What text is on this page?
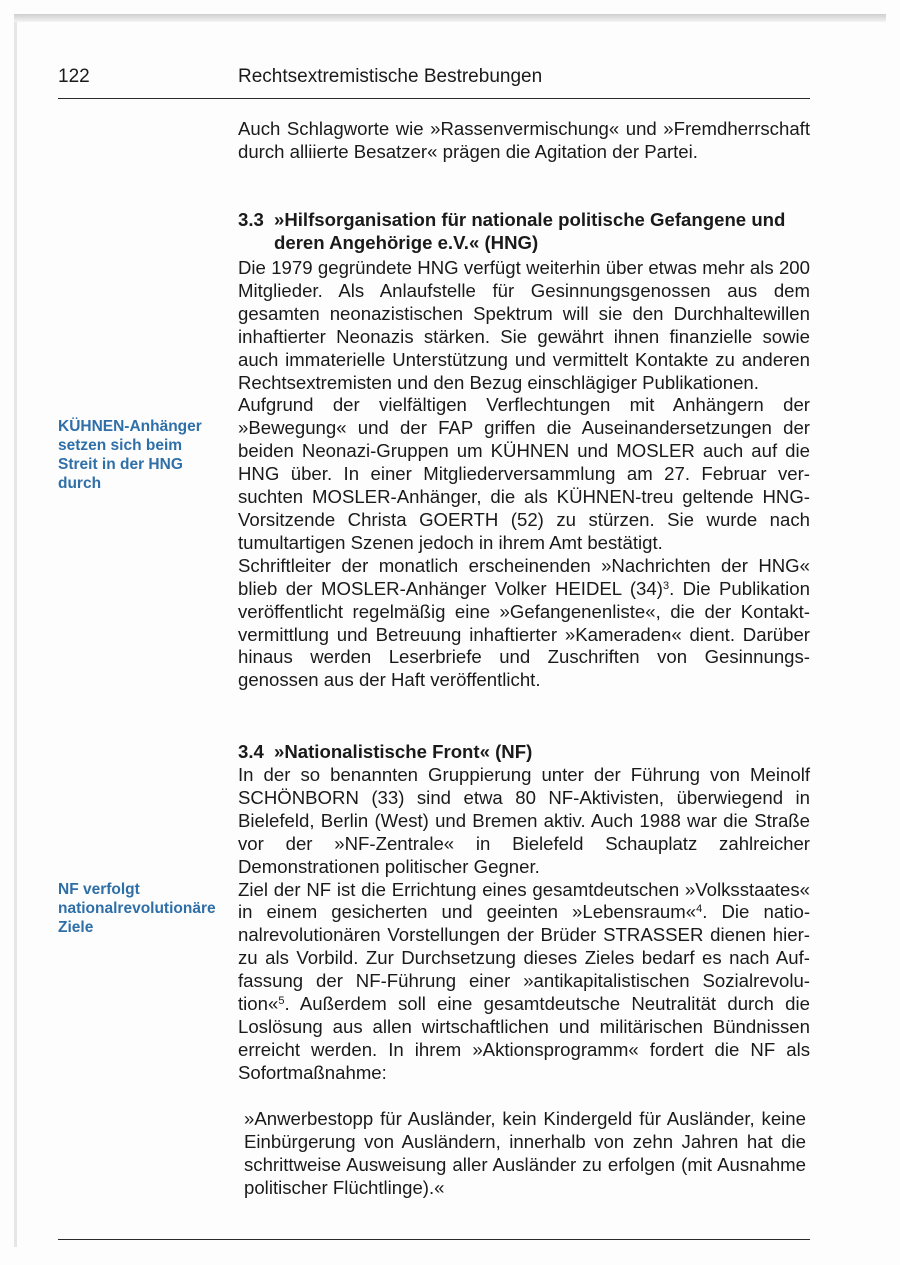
122	Rechtsextremistische Bestrebungen

Auch Schlagworte wie »Rassenvermischung« und »Fremdherrschaft durch alliierte Besatzer« prägen die Agitation der Partei.

3.3 »Hilfsorganisation für nationale politische Gefangene und
deren Angehörige e.V.« (HNG)

Die 1979 gegründete HNG verfügt weiterhin über etwas mehr als 200 Mitglieder. Als Anlaufstelle für Gesinnungsgenossen aus dem gesamten neonazistischen Spektrum will sie den Durchhaltewillen inhaftierter Neonazis stärken. Sie gewährt ihnen finanzielle sowie auch immaterielle Unterstützung und vermittelt Kontakte zu anderen Rechtsextremisten und den Bezug einschlägiger Publikationen.

Aufgrund der vielfältigen Verflechtungen mit Anhängern der »Bewegung« und der FAP griffen die Auseinandersetzungen der beiden Neonazi-Gruppen um KÜHNEN und MOSLER auch auf die HNG über. In einer Mitgliederversammlung am 27. Februar versuchten MOSLER-Anhänger, die als KÜHNEN-treu geltende HNG-Vorsitzende Christa GOERTH (52) zu stürzen. Sie wurde nach tumultartigen Szenen jedoch in ihrem Amt bestätigt.

Schriftleiter der monatlich erscheinenden »Nachrichten der HNG« blieb der MOSLER-Anhänger Volker HEIDEL $(34)^3$. Die Publikation veröffentlicht regelmäßig eine »Gefangenenliste«, die der Kontaktvermittlung und Betreuung inhaftierter »Kameraden« dient. Darüber hinaus werden Leserbriefe und Zuschriften von Gesinnungsgenossen aus der Haft veröffentlicht.

KÜHNEN-Anhänger setzen sich beim Streit in der HNG durch
3.4 »Nationalistische Front« (NF)

In der so benannten Gruppierung unter der Führung von Meinolf SCHÖNBORN (33) sind etwa 80 NF-Aktivisten, überwiegend in Bielefeld, Berlin (West) und Bremen aktiv. Auch 1988 war die Straße vor der »NF-Zentrale« in Bielefeld Schauplatz zahlreicher Demonstrationen politischer Gegner.

Ziel der NF ist die Errichtung eines gesamtdeutschen »Volksstaates« in einem gesicherten und geeinten »Lebensraum«$^4$. Die nationalrevolutionären Vorstellungen der Brüder STRASSER dienen hierzu als Vorbild. Zur Durchsetzung dieses Zieles bedarf es nach Auffassung der NF-Führung einer »antikapitalistischen Sozialrevolution«$^5$. Außerdem soll eine gesamtdeutsche Neutralität durch die Loslösung aus allen wirtschaftlichen und militärischen Bündnissen erreicht werden. In ihrem »Aktionsprogramm« fordert die NF als Sofortmaßnahme:

NF verfolgt nationalrevolutionäre Ziele
»Anwerbestopp für Ausländer, kein Kindergeld für Ausländer, keine Einbürgerung von Ausländern, innerhalb von zehn Jahren hat die schrittweise Ausweisung aller Ausländer zu erfolgen (mit Ausnahme politischer Flüchtlinge).«
